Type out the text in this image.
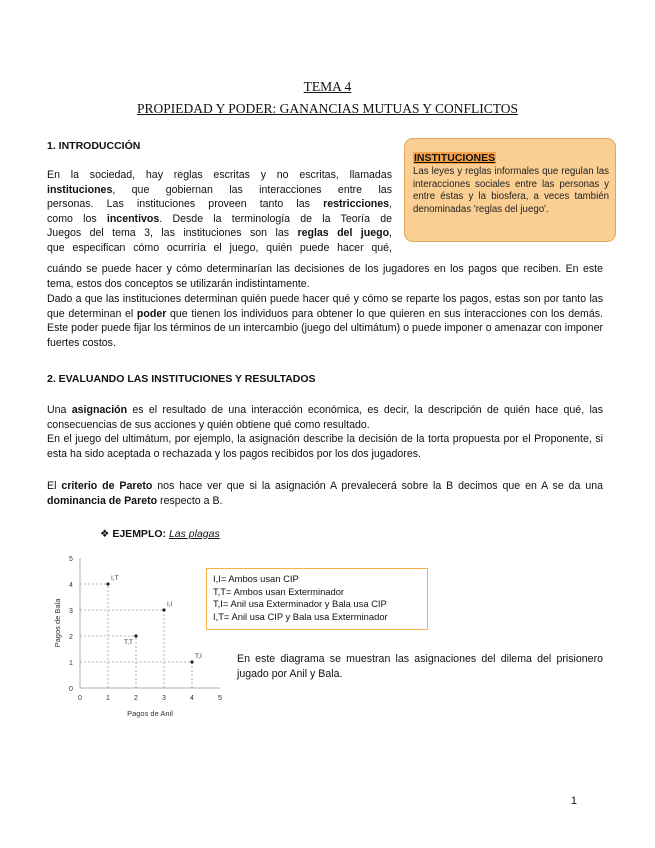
TEMA 4
PROPIEDAD Y PODER: GANANCIAS MUTUAS Y CONFLICTOS
1. INTRODUCCIÓN
En la sociedad, hay reglas escritas y no escritas, llamadas
instituciones, que gobiernan las interacciones entre las
personas. Las instituciones proveen tanto las restricciones,
como los incentivos. Desde la terminología de la Teoría de
Juegos del tema 3, las instituciones son las reglas del juego,
que especifican cómo ocurriría el juego, quién puede hacer qué,
cuándo se puede hacer y cómo determinarían las decisiones de los jugadores en los pagos que reciben. En este tema, estos dos conceptos se utilizarán indistintamente.
Dado a que las instituciones determinan quién puede hacer qué y cómo se reparte los pagos, estas son por tanto las que determinan el poder que tienen los individuos para obtener lo que quieren en sus interacciones con los demás. Este poder puede fijar los términos de un intercambio (juego del ultimátum) o puede imponer o amenazar con imponer fuertes costos.
INSTITUCIONES
Las leyes y reglas informales que regulan las interacciones sociales entre las personas y entre éstas y la biosfera, a veces también denominadas 'reglas del juego'.
2. EVALUANDO LAS INSTITUCIONES Y RESULTADOS
Una asignación es el resultado de una interacción económica, es decir, la descripción de quién hace qué, las consecuencias de sus acciones y quién obtiene qué como resultado.
En el juego del ultimátum, por ejemplo, la asignación describe la decisión de la torta propuesta por el Proponente, si esta ha sido aceptada o rechazada y los pagos recibidos por los dos jugadores.
El criterio de Pareto nos hace ver que si la asignación A prevalecerá sobre la B decimos que en A se da una dominancia de Pareto respecto a B.
❖ EJEMPLO: Las plagas
0	1	2	3	4	5
0
1
2
3
4
5
Pagos de Anil
Pagos de Bala
I,T
I,I
T,T
T,I
I,I= Ambos usan CIP
T,T= Ambos usan Exterminador
T,I= Anil usa Exterminador y Bala usa CIP
I,T= Anil usa CIP y Bala usa Exterminador
En este diagrama se muestran las asignaciones del dilema del prisionero jugado por Anil y Bala.
1
